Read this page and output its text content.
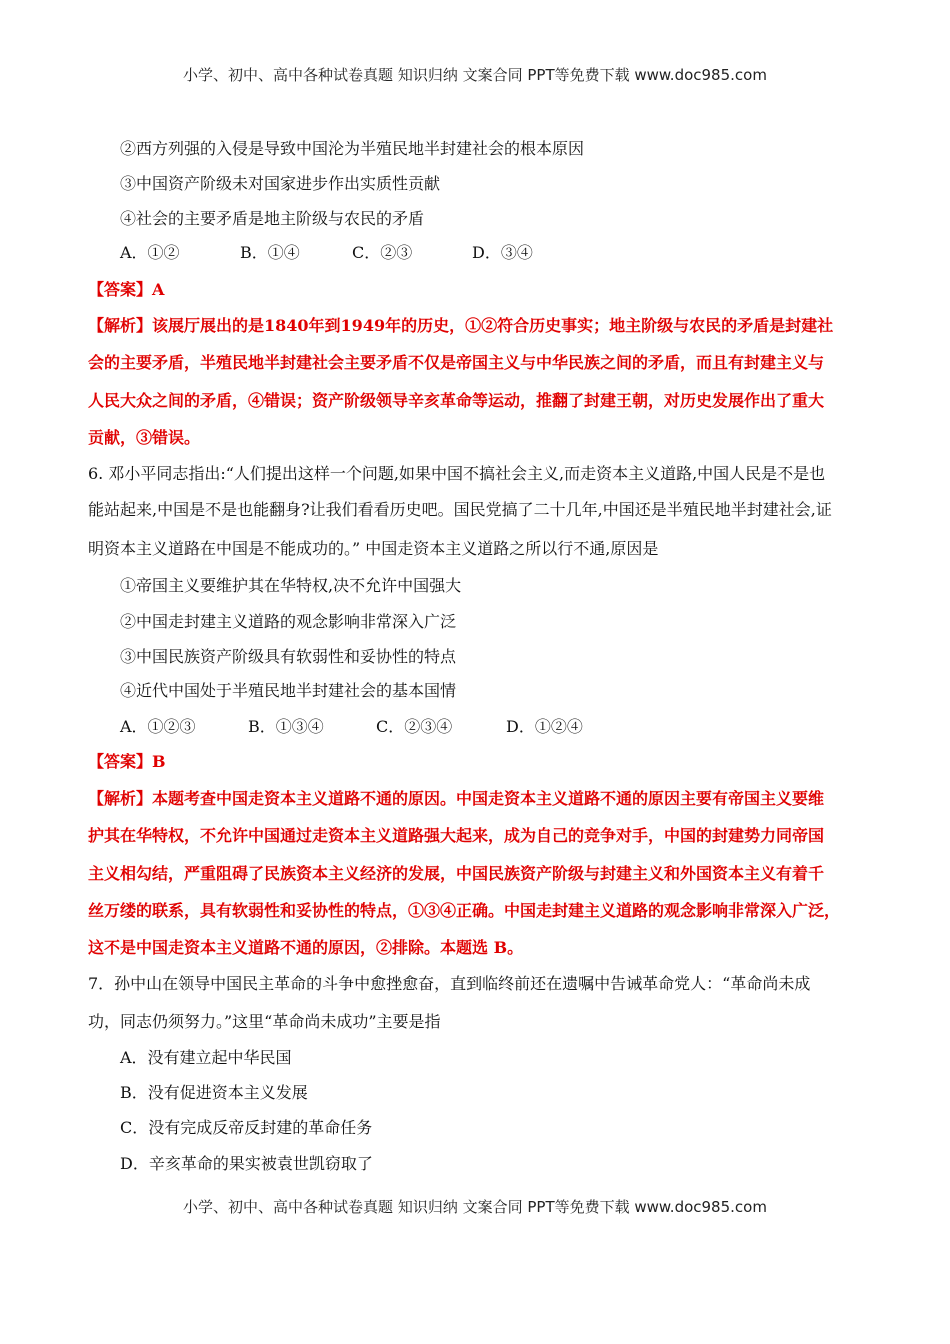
小学、初中、高中各种试卷真题 知识归纳 文案合同 PPT等免费下载 www.doc985.com
②西方列强的入侵是导致中国沦为半殖民地半封建社会的根本原因
③中国资产阶级未对国家进步作出实质性贡献
④社会的主要矛盾是地主阶级与农民的矛盾
A．①②	B．①④	C．②③	D．③④
【答案】A
【解析】该展厅展出的是1840年到1949年的历史，①②符合历史事实；地主阶级与农民的矛盾是封建社
会的主要矛盾，半殖民地半封建社会主要矛盾不仅是帝国主义与中华民族之间的矛盾，而且有封建主义与
人民大众之间的矛盾，④错误；资产阶级领导辛亥革命等运动，推翻了封建王朝，对历史发展作出了重大
贡献，③错误。
6. 邓小平同志指出:“人们提出这样一个问题,如果中国不搞社会主义,而走资本主义道路,中国人民是不是也
能站起来,中国是不是也能翻身?让我们看看历史吧。国民党搞了二十几年,中国还是半殖民地半封建社会,证
明资本主义道路在中国是不能成功的。” 中国走资本主义道路之所以行不通,原因是
①帝国主义要维护其在华特权,决不允许中国强大
②中国走封建主义道路的观念影响非常深入广泛
③中国民族资产阶级具有软弱性和妥协性的特点
④近代中国处于半殖民地半封建社会的基本国情
A．①②③	B．①③④	C．②③④	D．①②④
【答案】B
【解析】本题考查中国走资本主义道路不通的原因。中国走资本主义道路不通的原因主要有帝国主义要维
护其在华特权，不允许中国通过走资本主义道路强大起来，成为自己的竞争对手，中国的封建势力同帝国
主义相勾结，严重阻碍了民族资本主义经济的发展，中国民族资产阶级与封建主义和外国资本主义有着千
丝万缕的联系，具有软弱性和妥协性的特点，①③④正确。中国走封建主义道路的观念影响非常深入广泛，
这不是中国走资本主义道路不通的原因，②排除。本题选 B。
7．孙中山在领导中国民主革命的斗争中愈挫愈奋，直到临终前还在遗嘱中告诫革命党人：“革命尚未成
功，同志仍须努力。”这里“革命尚未成功”主要是指
A．没有建立起中华民国
B．没有促进资本主义发展
C．没有完成反帝反封建的革命任务
D．辛亥革命的果实被袁世凯窃取了
小学、初中、高中各种试卷真题 知识归纳 文案合同 PPT等免费下载 www.doc985.com
